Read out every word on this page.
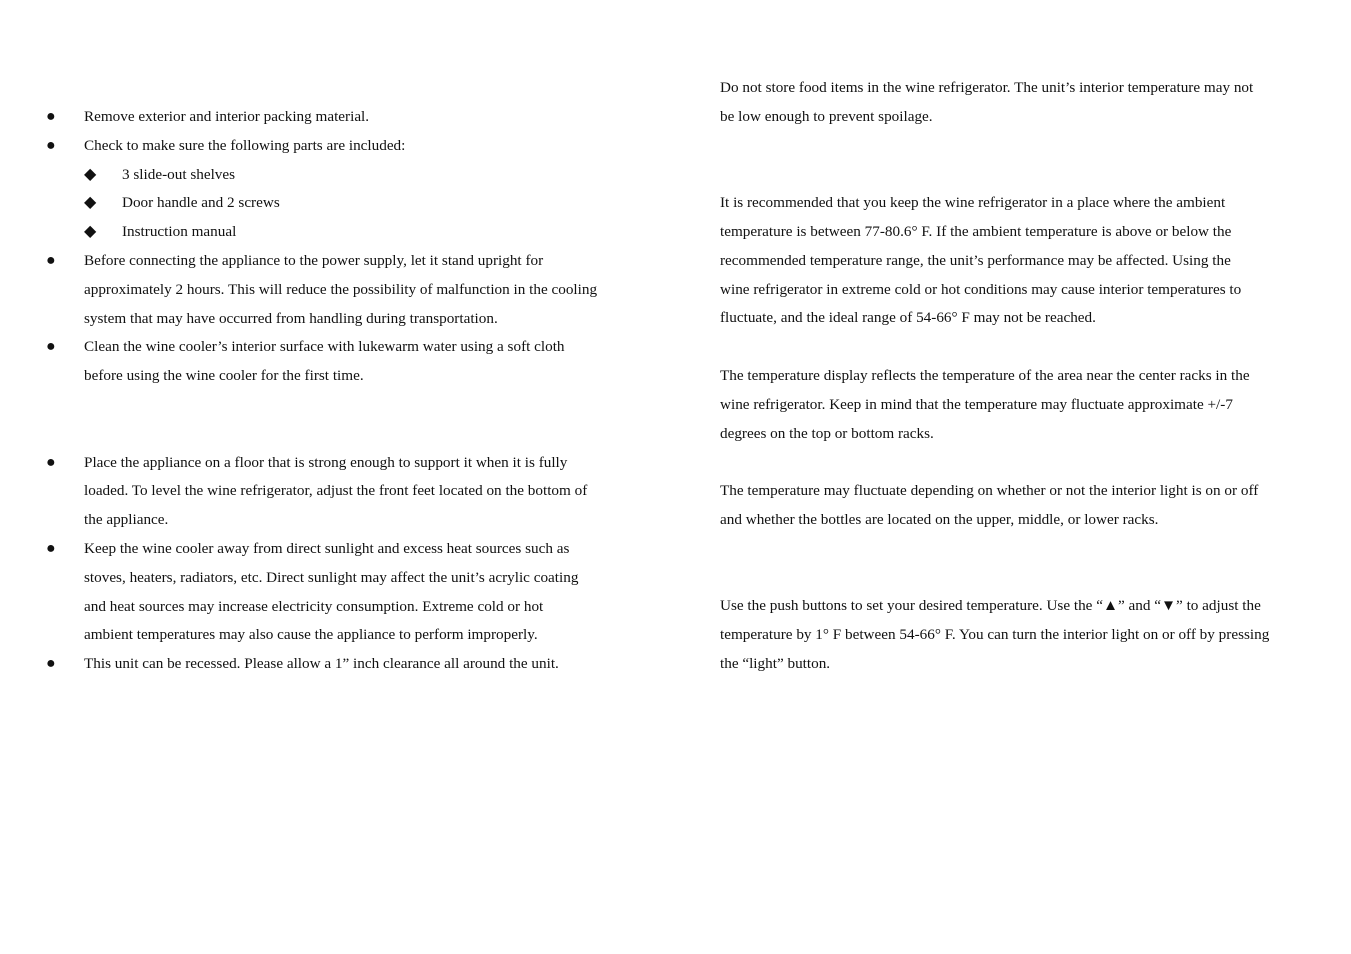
● Remove exterior and interior packing material.
● Check to make sure the following parts are included:
◆ 3 slide-out shelves
◆ Door handle and 2 screws
◆ Instruction manual
● Before connecting the appliance to the power supply, let it stand upright for
approximately 2 hours. This will reduce the possibility of malfunction in the cooling
system that may have occurred from handling during transportation.
● Clean the wine cooler’s interior surface with lukewarm water using a soft cloth
before using the wine cooler for the first time.
● Place the appliance on a floor that is strong enough to support it when it is fully
loaded. To level the wine refrigerator, adjust the front feet located on the bottom of
the appliance.
● Keep the wine cooler away from direct sunlight and excess heat sources such as
stoves, heaters, radiators, etc. Direct sunlight may affect the unit’s acrylic coating
and heat sources may increase electricity consumption. Extreme cold or hot
ambient temperatures may also cause the appliance to perform improperly.
● This unit can be recessed. Please allow a 1” inch clearance all around the unit.
Do not store food items in the wine refrigerator. The unit’s interior temperature may not
be low enough to prevent spoilage.
It is recommended that you keep the wine refrigerator in a place where the ambient
temperature is between 77-80.6° F. If the ambient temperature is above or below the
recommended temperature range, the unit’s performance may be affected. Using the
wine refrigerator in extreme cold or hot conditions may cause interior temperatures to
fluctuate, and the ideal range of 54-66° F may not be reached.
The temperature display reflects the temperature of the area near the center racks in the
wine refrigerator. Keep in mind that the temperature may fluctuate approximate +/-7
degrees on the top or bottom racks.
The temperature may fluctuate depending on whether or not the interior light is on or off
and whether the bottles are located on the upper, middle, or lower racks.
Use the push buttons to set your desired temperature. Use the “▲” and “▼” to adjust the
temperature by 1° F between 54-66° F. You can turn the interior light on or off by pressing
the “light” button.
